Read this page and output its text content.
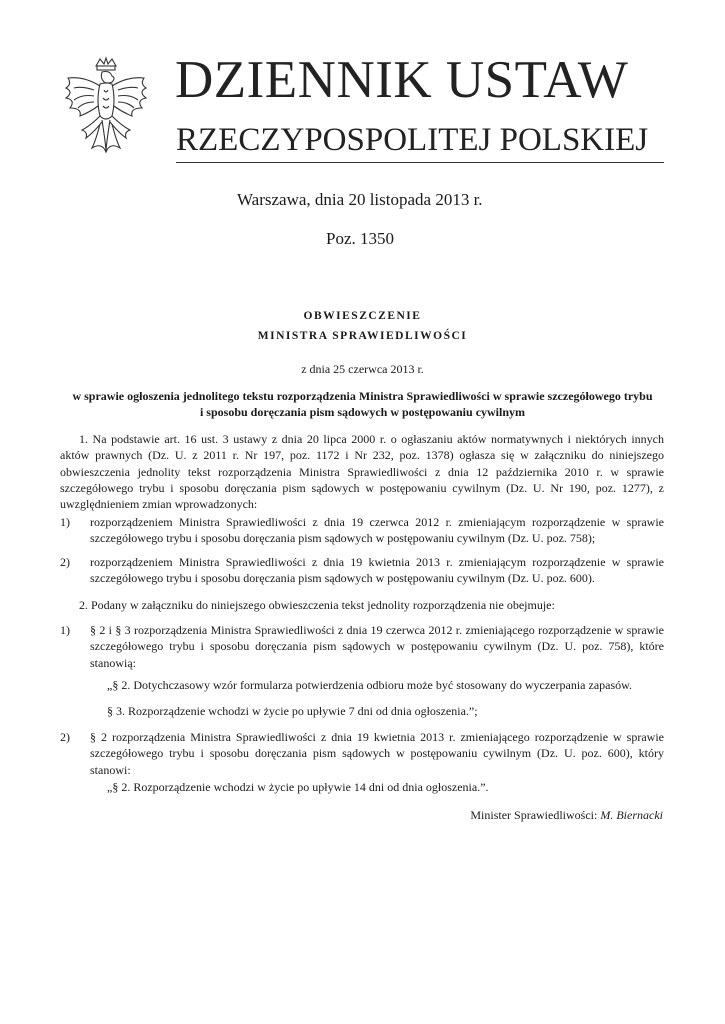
DZIENNIK USTAW
RZECZYPOSPOLITEJ POLSKIEJ
Warszawa, dnia 20 listopada 2013 r.
Poz. 1350
OBWIESZCZENIE
MINISTRA SPRAWIEDLIWOŚCI
z dnia 25 czerwca 2013 r.
w sprawie ogłoszenia jednolitego tekstu rozporządzenia Ministra Sprawiedliwości w sprawie szczegółowego trybu i sposobu doręczania pism sądowych w postępowaniu cywilnym
1. Na podstawie art. 16 ust. 3 ustawy z dnia 20 lipca 2000 r. o ogłaszaniu aktów normatywnych i niektórych innych aktów prawnych (Dz. U. z 2011 r. Nr 197, poz. 1172 i Nr 232, poz. 1378) ogłasza się w załączniku do niniejszego obwieszczenia jednolity tekst rozporządzenia Ministra Sprawiedliwości z dnia 12 października 2010 r. w sprawie szczegółowego trybu i sposobu doręczania pism sądowych w postępowaniu cywilnym (Dz. U. Nr 190, poz. 1277), z uwzględnieniem zmian wprowadzonych:
1) rozporządzeniem Ministra Sprawiedliwości z dnia 19 czerwca 2012 r. zmieniającym rozporządzenie w sprawie szczegółowego trybu i sposobu doręczania pism sądowych w postępowaniu cywilnym (Dz. U. poz. 758);
2) rozporządzeniem Ministra Sprawiedliwości z dnia 19 kwietnia 2013 r. zmieniającym rozporządzenie w sprawie szczegółowego trybu i sposobu doręczania pism sądowych w postępowaniu cywilnym (Dz. U. poz. 600).
2. Podany w załączniku do niniejszego obwieszczenia tekst jednolity rozporządzenia nie obejmuje:
1) § 2 i § 3 rozporządzenia Ministra Sprawiedliwości z dnia 19 czerwca 2012 r. zmieniającego rozporządzenie w sprawie szczegółowego trybu i sposobu doręczania pism sądowych w postępowaniu cywilnym (Dz. U. poz. 758), które stanowią:
„§ 2. Dotychczasowy wzór formularza potwierdzenia odbioru może być stosowany do wyczerpania zapasów.
§ 3. Rozporządzenie wchodzi w życie po upływie 7 dni od dnia ogłoszenia.”;
2) § 2 rozporządzenia Ministra Sprawiedliwości z dnia 19 kwietnia 2013 r. zmieniającego rozporządzenie w sprawie szczegółowego trybu i sposobu doręczania pism sądowych w postępowaniu cywilnym (Dz. U. poz. 600), który stanowi:
„§ 2. Rozporządzenie wchodzi w życie po upływie 14 dni od dnia ogłoszenia.”.
Minister Sprawiedliwości: M. Biernacki
